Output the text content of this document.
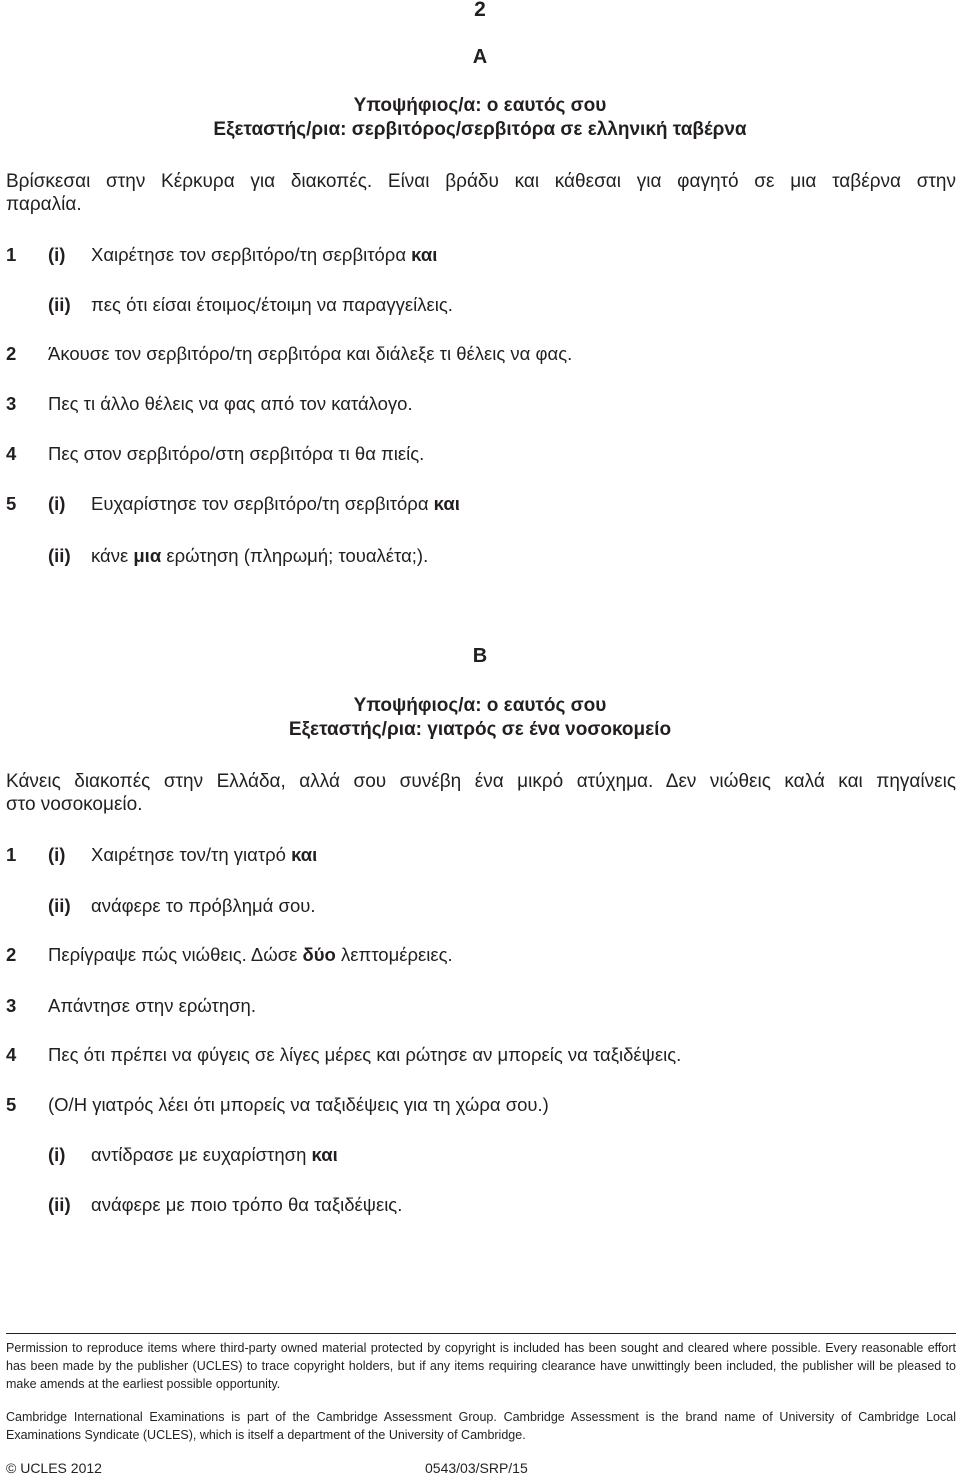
2
A
Υποψήφιος/α: ο εαυτός σου
Εξεταστής/ρια: σερβιτόρος/σερβιτόρα σε ελληνική ταβέρνα
Βρίσκεσαι στην Κέρκυρα για διακοπές. Είναι βράδυ και κάθεσαι για φαγητό σε μια ταβέρνα στην
παραλία.
1 (i) Χαιρέτησε τον σερβιτόρο/τη σερβιτόρα και
(ii) πες ότι είσαι έτοιμος/έτοιμη να παραγγείλεις.
2 Άκουσε τον σερβιτόρο/τη σερβιτόρα και διάλεξε τι θέλεις να φας.
3 Πες τι άλλο θέλεις να φας από τον κατάλογο.
4 Πες στον σερβιτόρο/στη σερβιτόρα τι θα πιείς.
5 (i) Ευχαρίστησε τον σερβιτόρο/τη σερβιτόρα και
(ii) κάνε μια ερώτηση (πληρωμή; τουαλέτα;).
B
Υποψήφιος/α: ο εαυτός σου
Εξεταστής/ρια: γιατρός σε ένα νοσοκομείο
Κάνεις διακοπές στην Ελλάδα, αλλά σου συνέβη ένα μικρό ατύχημα. Δεν νιώθεις καλά και πηγαίνεις
στο νοσοκομείο.
1 (i) Χαιρέτησε τον/τη γιατρό και
(ii) ανάφερε το πρόβλημά σου.
2 Περίγραψε πώς νιώθεις. Δώσε δύο λεπτομέρειες.
3 Απάντησε στην ερώτηση.
4 Πες ότι πρέπει να φύγεις σε λίγες μέρες και ρώτησε αν μπορείς να ταξιδέψεις.
5 (Ο/Η γιατρός λέει ότι μπορείς να ταξιδέψεις για τη χώρα σου.)
(i) αντίδρασε με ευχαρίστηση και
(ii) ανάφερε με ποιο τρόπο θα ταξιδέψεις.
Permission to reproduce items where third-party owned material protected by copyright is included has been sought and cleared where possible. Every reasonable effort has been made by the publisher (UCLES) to trace copyright holders, but if any items requiring clearance have unwittingly been included, the publisher will be pleased to make amends at the earliest possible opportunity.
Cambridge International Examinations is part of the Cambridge Assessment Group. Cambridge Assessment is the brand name of University of Cambridge Local Examinations Syndicate (UCLES), which is itself a department of the University of Cambridge.
© UCLES 2012	0543/03/SRP/15
